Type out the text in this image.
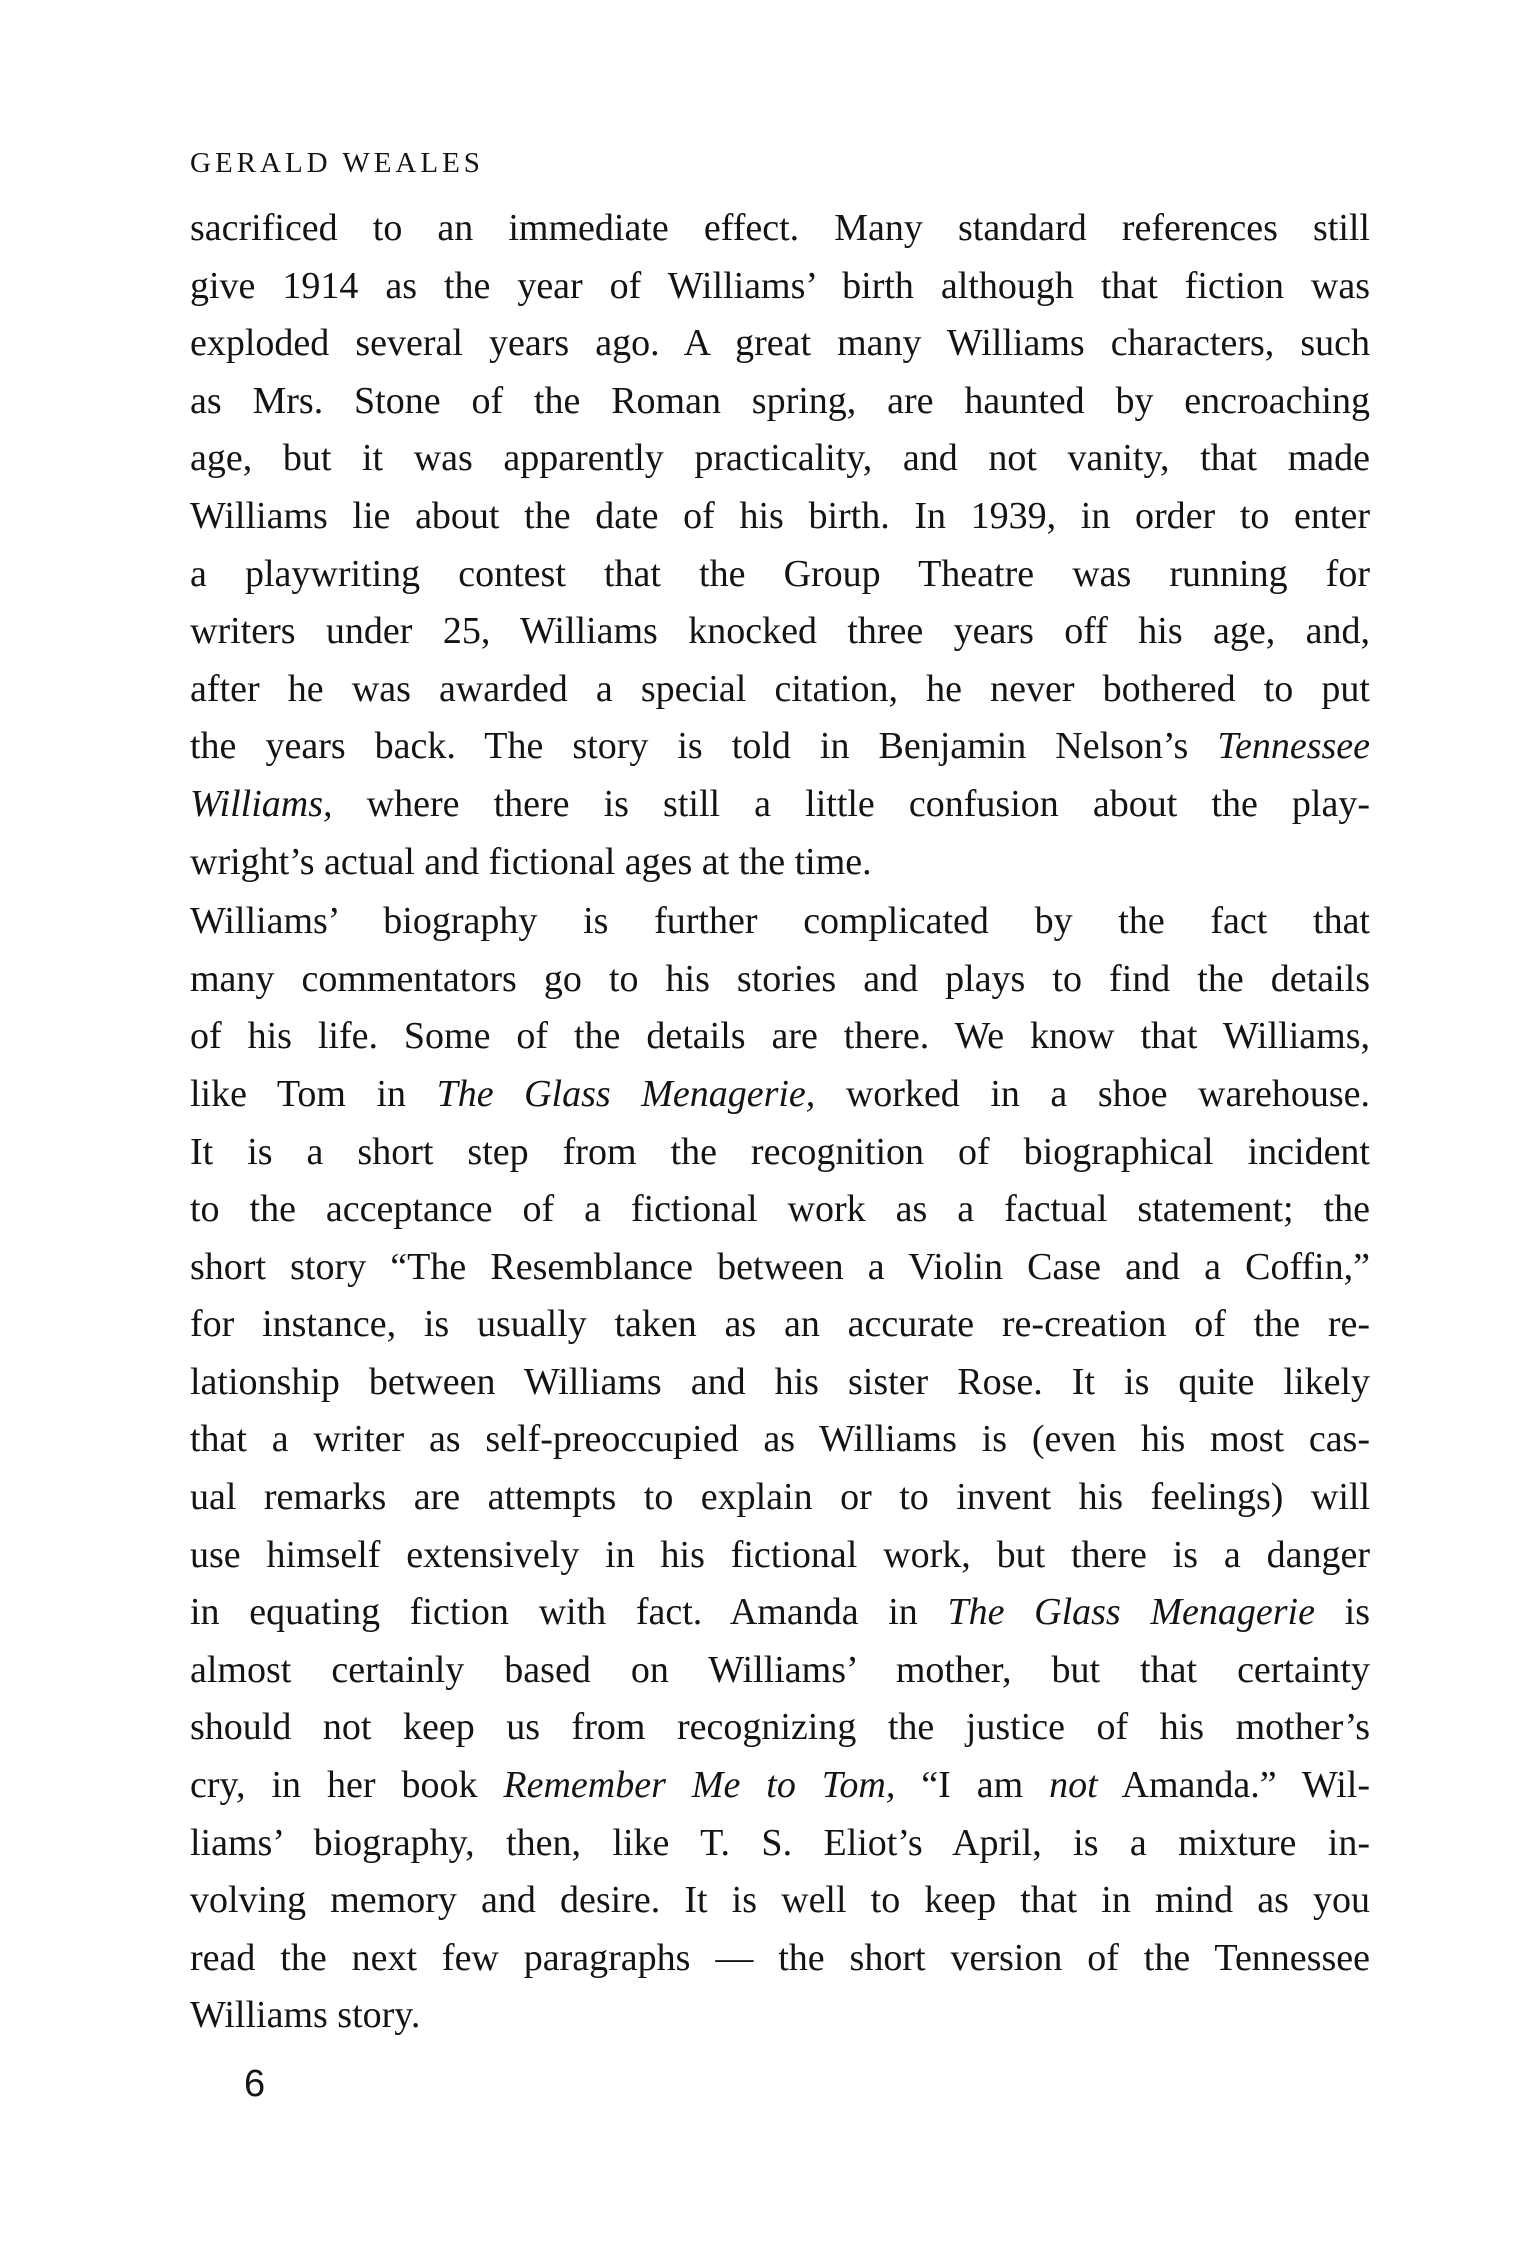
GERALD WEALES
sacrificed to an immediate effect. Many standard references still
give 1914 as the year of Williams’ birth although that fiction was
exploded several years ago. A great many Williams characters, such
as Mrs. Stone of the Roman spring, are haunted by encroaching
age, but it was apparently practicality, and not vanity, that made
Williams lie about the date of his birth. In 1939, in order to enter
a playwriting contest that the Group Theatre was running for
writers under 25, Williams knocked three years off his age, and,
after he was awarded a special citation, he never bothered to put
the years back. The story is told in Benjamin Nelson’s Tennessee
Williams, where there is still a little confusion about the play-
wright’s actual and fictional ages at the time.
Williams’ biography is further complicated by the fact that
many commentators go to his stories and plays to find the details
of his life. Some of the details are there. We know that Williams,
like Tom in The Glass Menagerie, worked in a shoe warehouse.
It is a short step from the recognition of biographical incident
to the acceptance of a fictional work as a factual statement; the
short story “The Resemblance between a Violin Case and a Coffin,”
for instance, is usually taken as an accurate re-creation of the re-
lationship between Williams and his sister Rose. It is quite likely
that a writer as self-preoccupied as Williams is (even his most cas-
ual remarks are attempts to explain or to invent his feelings) will
use himself extensively in his fictional work, but there is a danger
in equating fiction with fact. Amanda in The Glass Menagerie is
almost certainly based on Williams’ mother, but that certainty
should not keep us from recognizing the justice of his mother’s
cry, in her book Remember Me to Tom, “I am not Amanda.” Wil-
liams’ biography, then, like T. S. Eliot’s April, is a mixture in-
volving memory and desire. It is well to keep that in mind as you
read the next few paragraphs — the short version of the Tennessee
Williams story.
6
